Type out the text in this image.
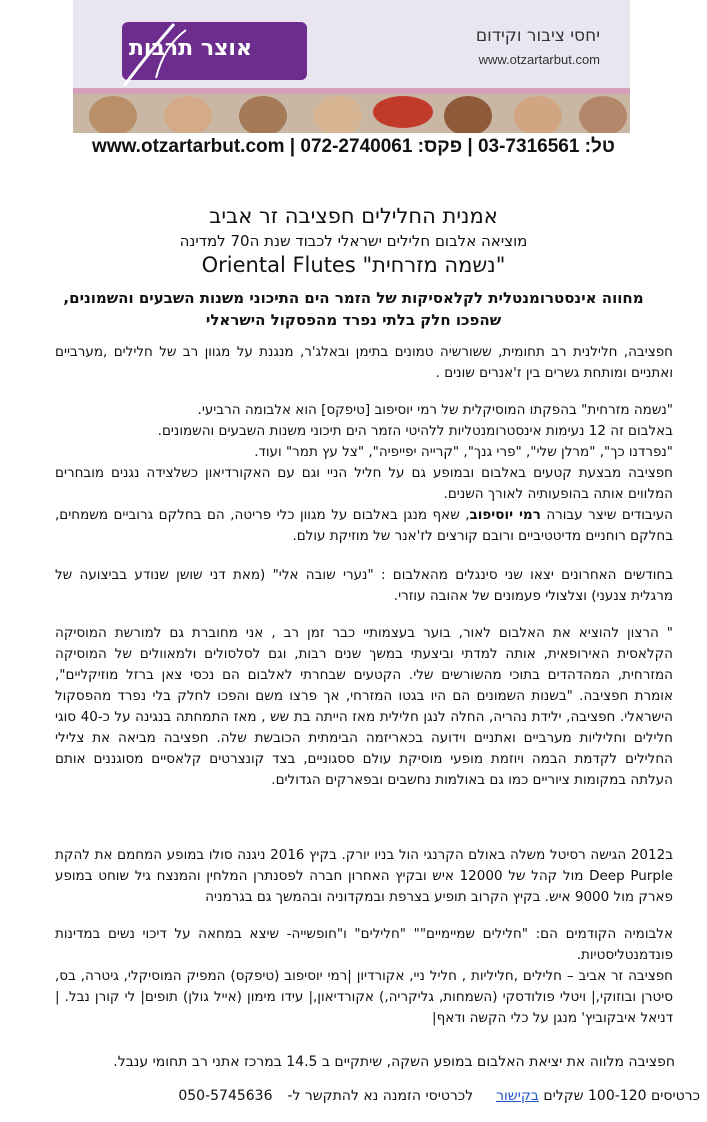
אוצר תרבות	יחסי ציבור וקידום
www.otzartarbut.com
טל: 03-7316561 | פקס: 072-2740061 | www.otzartarbut.com
אמנית החלילים חפציבה זר אביב
מוציאה אלבום חלילים ישראלי לכבוד שנת ה70 למדינה
"נשמה מזרחית" Oriental Flutes
מחווה אינסטרומנטלית לקלאסיקות של הזמר הים התיכוני משנות השבעים והשמונים,
שהפכו חלק בלתי נפרד מהפסקול הישראלי
חפציבה, חלילנית רב תחומית, ששורשיה טמונים בתימן ובאלג'ר, מנגנת על מגוון רב של חלילים ,מערביים ואתניים ומותחת גשרים בין ז'אנרים שונים .

"נשמה מזרחית" בהפקתו המוסיקלית של רמי יוסיפוב [טיפקס] הוא אלבומה הרביעי.

באלבום זה 12 נעימות אינסטרומנטליות ללהיטי הזמר הים תיכוני משנות השבעים והשמונים.

"נפרדנו כך", "מרלן שלי", "פרי גנך", "קרייה יפייפיה", "צל עץ תמר" ועוד.

חפציבה מבצעת קטעים באלבום ובמופע גם על חליל הניי וגם עם האקורדיאון כשלצידה נגנים מובחרים המלווים אותה בהופעותיה לאורך השנים.

העיבודים שיצר עבורה רמי יוסיפוב, שאף מנגן באלבום על מגוון כלי פריטה, הם בחלקם גרוביים משמחים, בחלקם רוחניים מדיטטיביים ורובם קורצים לז'אנר של מוזיקת עולם.

בחודשים האחרונים יצאו שני סינגלים מהאלבום : "נערי שובה אלי" (מאת דני שושן שנודע בביצועה של מרגלית צנעני) וצלצולי פעמונים של אהובה עוזרי.
" הרצון להוציא את האלבום לאור, בוער בעצמותיי כבר זמן רב , אני מחוברת גם למורשת המוסיקה הקלאסית האירופאית, אותה למדתי וביצעתי במשך שנים רבות, וגם לסלסולים ולמאוולים של המוסיקה המזרחית, המהדהדים בתוכי מהשורשים שלי. הקטעים שבחרתי לאלבום הם נכסי צאן ברזל מוזיקליים", אומרת חפציבה. "בשנות השמונים הם היו בגטו המזרחי, אך פרצו משם והפכו לחלק בלי נפרד מהפסקול הישראלי. חפציבה, ילידת נהריה, החלה לנגן חלילית מאז הייתה בת שש , מאז התמחתה בנגינה על כ-40 סוגי חלילים וחליליות מערביים ואתניים וידועה בכאריזמה הבימתית הכובשת שלה. חפציבה מביאה את צלילי החלילים לקדמת הבמה ויוזמת מופעי מוסיקת עולם ססגוניים, בצד קונצרטים קלאסיים מסוגננים אותם העלתה במקומות ציוריים כמו גם באולמות נחשבים ובפארקים הגדולים.
ב2012 הגישה רסיטל משלה באולם הקרנגי הול בניו יורק. בקיץ 2016 ניגנה סולו במופע המחמם את להקת Deep Purple מול קהל של 12000 איש ובקיץ האחרון חברה לפסנתרן המלחין והמנצח גיל שוחט במופע פארק מול 9000 איש. בקיץ הקרוב תופיע בצרפת ובמקדוניה ובהמשך גם בגרמניה

אלבומיה הקודמים הם: "חלילים שמיימיים"" "חלילים" ו"חופשייה- שיצא במחאה על דיכוי נשים במדינות פונדמנטליסטיות.

חפציבה זר אביב – חלילים ,חליליות , חליל ניי, אקורדיון |רמי יוסיפוב (טיפקס) המפיק המוסיקלי, גיטרה, בס, סיטרן ובוזוקי,| ויטלי פולודסקי (השמחות, גליקריה,) אקורדיאון,| עידו מימון (אייל גולן) תופים| לי קורן נבל. | דניאל איבקוביץ' מנגן על כלי הקשה ודאף|

חפציבה מלווה את יציאת האלבום במופע השקה, שיתקיים ב 14.5 במרכז אתני רב תחומי ענבל.
כרטיסים 100-120 שקלים בקישור  לכרטיסי הזמנה נא להתקשר ל-  050-5745636
